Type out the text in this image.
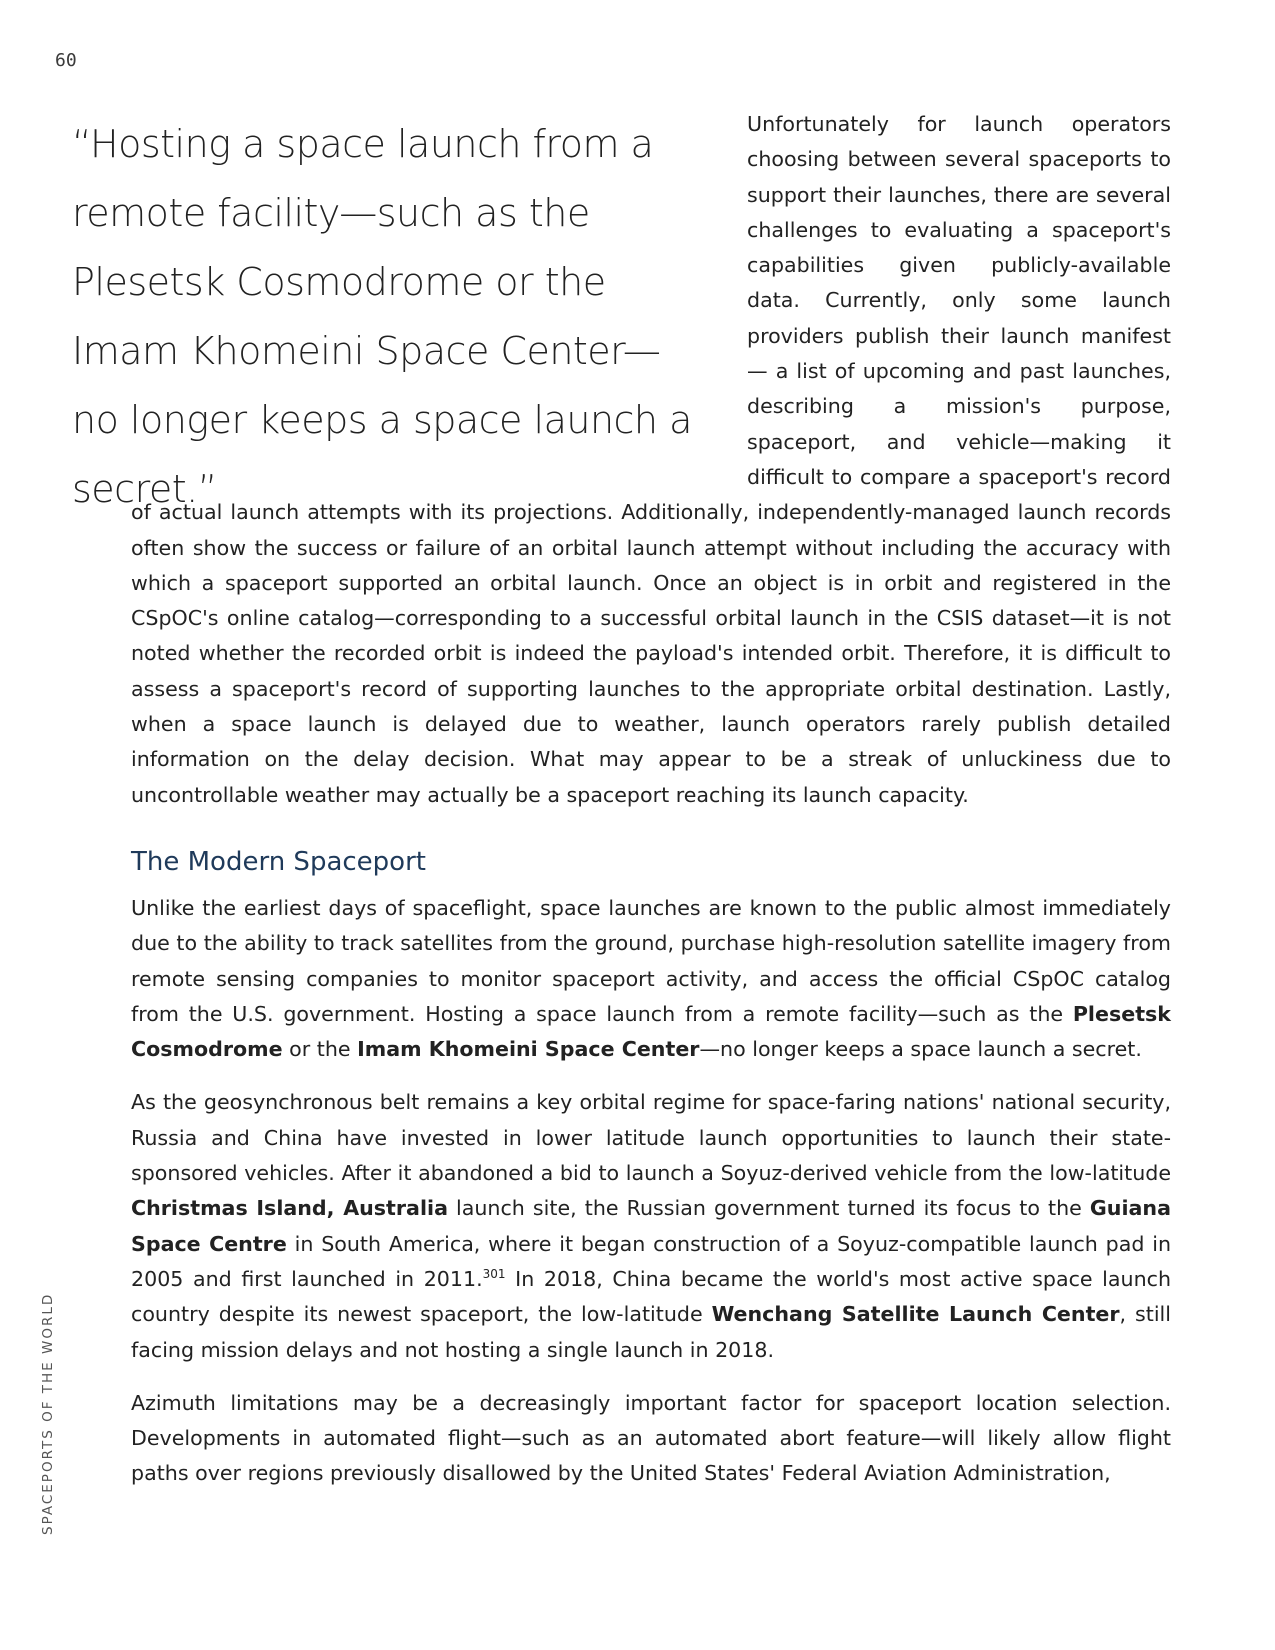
60
SPACEPORTS OF THE WORLD
“Hosting a space launch from a remote facility—such as the Plesetsk Cosmodrome or the Imam Khomeini Space Center—no longer keeps a space launch a secret.”

Unfortunately for launch operators choosing between several spaceports to support their launches, there are several challenges to evaluating a spaceport's capabilities given publicly-available data. Currently, only some launch providers publish their launch manifest— a list of upcoming and past launches, describing a mission's purpose, spaceport, and vehicle—making it difficult to compare a spaceport's record of actual launch attempts with its projections. Additionally, independently-managed launch records often show the success or failure of an orbital launch attempt without including the accuracy with which a spaceport supported an orbital launch. Once an object is in orbit and registered in the CSpOC's online catalog—corresponding to a successful orbital launch in the CSIS dataset—it is not noted whether the recorded orbit is indeed the payload's intended orbit. Therefore, it is difficult to assess a spaceport's record of supporting launches to the appropriate orbital destination. Lastly, when a space launch is delayed due to weather, launch operators rarely publish detailed information on the delay decision. What may appear to be a streak of unluckiness due to uncontrollable weather may actually be a spaceport reaching its launch capacity.

The Modern Spaceport

Unlike the earliest days of spaceflight, space launches are known to the public almost immediately due to the ability to track satellites from the ground, purchase high-resolution satellite imagery from remote sensing companies to monitor spaceport activity, and access the official CSpOC catalog from the U.S. government. Hosting a space launch from a remote facility—such as the Plesetsk Cosmodrome or the Imam Khomeini Space Center—no longer keeps a space launch a secret.

As the geosynchronous belt remains a key orbital regime for space-faring nations' national security, Russia and China have invested in lower latitude launch opportunities to launch their state-sponsored vehicles. After it abandoned a bid to launch a Soyuz-derived vehicle from the low-latitude Christmas Island, Australia launch site, the Russian government turned its focus to the Guiana Space Centre in South America, where it began construction of a Soyuz-compatible launch pad in 2005 and first launched in 2011.$^{301}$ In 2018, China became the world's most active space launch country despite its newest spaceport, the low-latitude Wenchang Satellite Launch Center, still facing mission delays and not hosting a single launch in 2018.

Azimuth limitations may be a decreasingly important factor for spaceport location selection. Developments in automated flight—such as an automated abort feature—will likely allow flight paths over regions previously disallowed by the United States' Federal Aviation Administration,
